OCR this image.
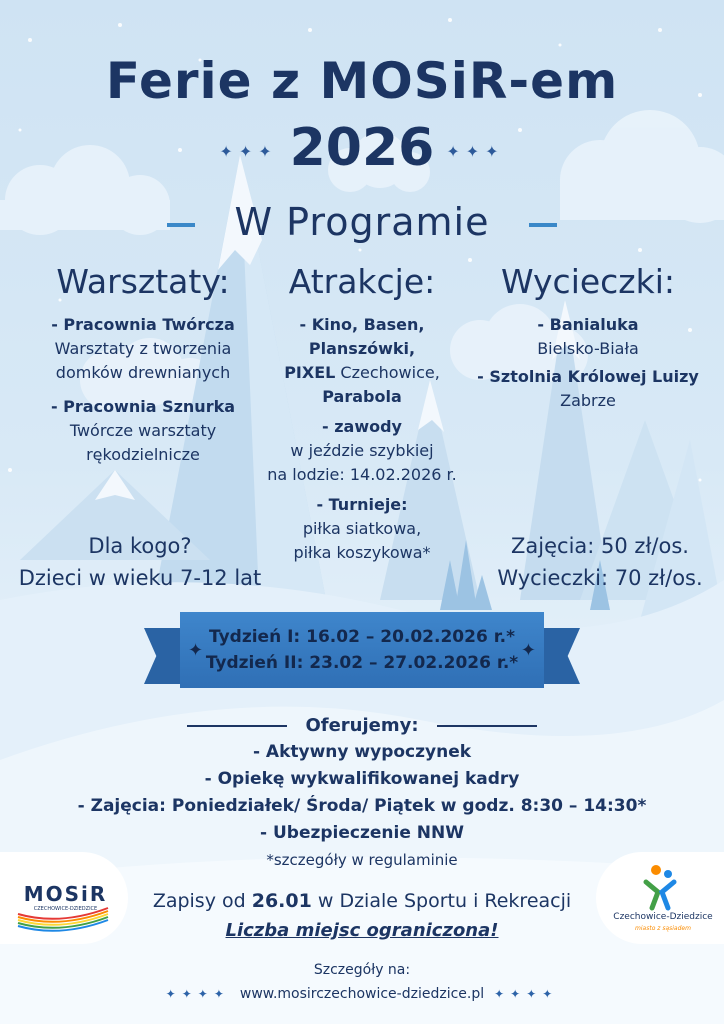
Ferie z MOSiR-em
✦✦✦ 2026 ✦✦✦
W Programie
Warsztaty:
- Pracownia Twórcza
Warsztaty z tworzenia
domków drewnianych
- Pracownia Sznurka
Twórcze warsztaty
rękodzielnicze
Atrakcje:
- Kino, Basen,
Planszówki,
PIXEL Czechowice,
Parabola
- zawody
w jeździe szybkiej
na lodzie: 14.02.2026 r.
- Turnieje:
piłka siatkowa,
piłka koszykowa*
Wycieczki:
- Banialuka
Bielsko-Biała
- Sztolnia Królowej Luizy
Zabrze
Dla kogo?
Dzieci w wieku 7-12 lat
Zajęcia: 50 zł/os.
Wycieczki: 70 zł/os.
✦	✦
Tydzień I: 16.02 – 20.02.2026 r.*
Tydzień II: 23.02 – 27.02.2026 r.*
Oferujemy:
- Aktywny wypoczynek
- Opiekę wykwalifikowanej kadry
- Zajęcia: Poniedziałek/ Środa/ Piątek w godz. 8:30 – 14:30*
- Ubezpieczenie NNW
*szczegóły w regulaminie
MOSiR
CZECHOWICE-DZIEDZICE
Czechowice-Dziedzice
miasto z sąsiadem
Zapisy od 26.01 w Dziale Sportu i Rekreacji
Liczba miejsc ograniczona!
Szczegóły na:
✦✦✦✦ www.mosirczechowice-dziedzice.pl ✦✦✦✦
